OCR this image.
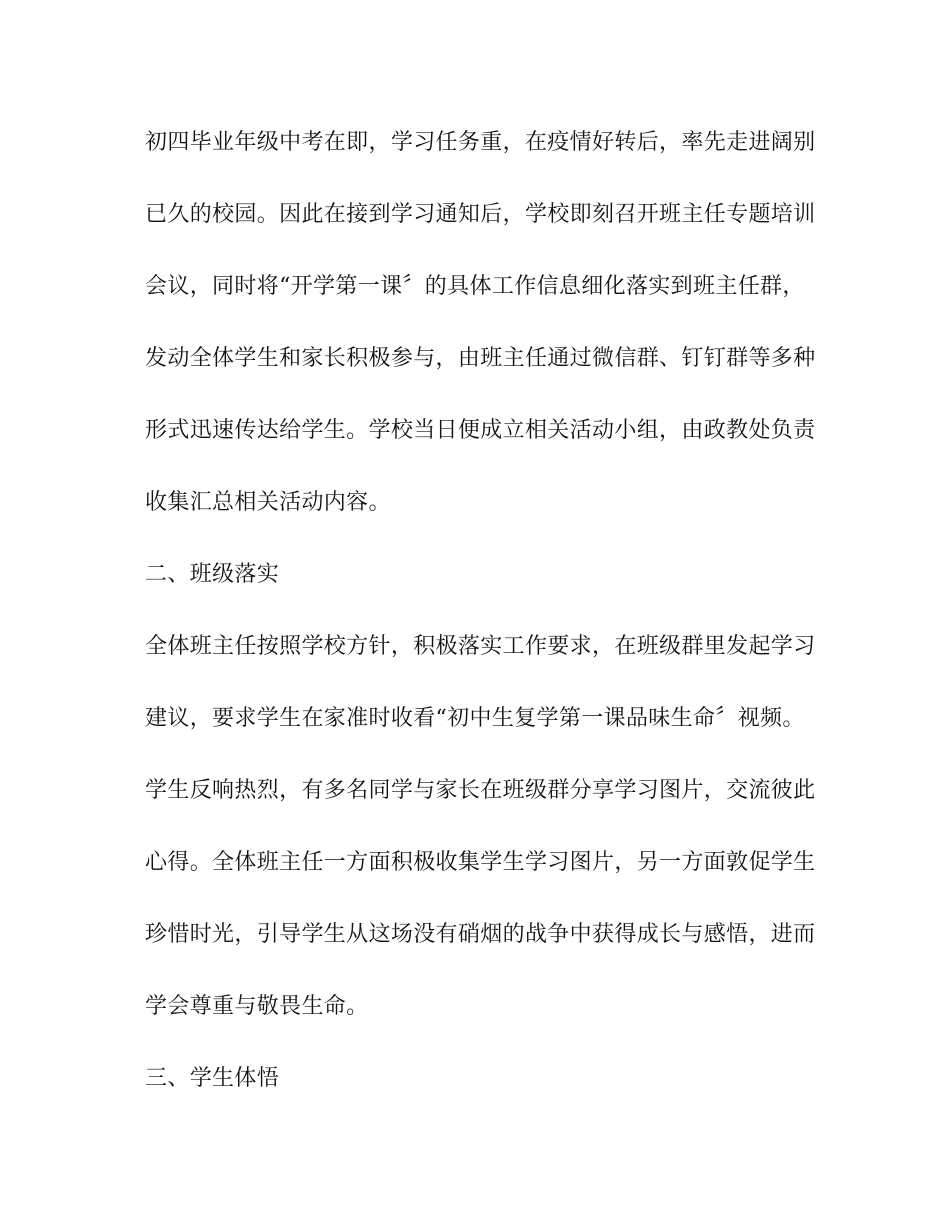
初四毕业年级中考在即，学习任务重，在疫情好转后，率先走进阔别
已久的校园。因此在接到学习通知后，学校即刻召开班主任专题培训
会议，同时将“开学第一课〞的具体工作信息细化落实到班主任群，
发动全体学生和家长积极参与，由班主任通过微信群、钉钉群等多种
形式迅速传达给学生。学校当日便成立相关活动小组，由政教处负责
收集汇总相关活动内容。
二、班级落实
全体班主任按照学校方针，积极落实工作要求，在班级群里发起学习
建议，要求学生在家准时收看“初中生复学第一课品味生命〞视频。
学生反响热烈，有多名同学与家长在班级群分享学习图片，交流彼此
心得。全体班主任一方面积极收集学生学习图片，另一方面敦促学生
珍惜时光，引导学生从这场没有硝烟的战争中获得成长与感悟，进而
学会尊重与敬畏生命。
三、学生体悟
